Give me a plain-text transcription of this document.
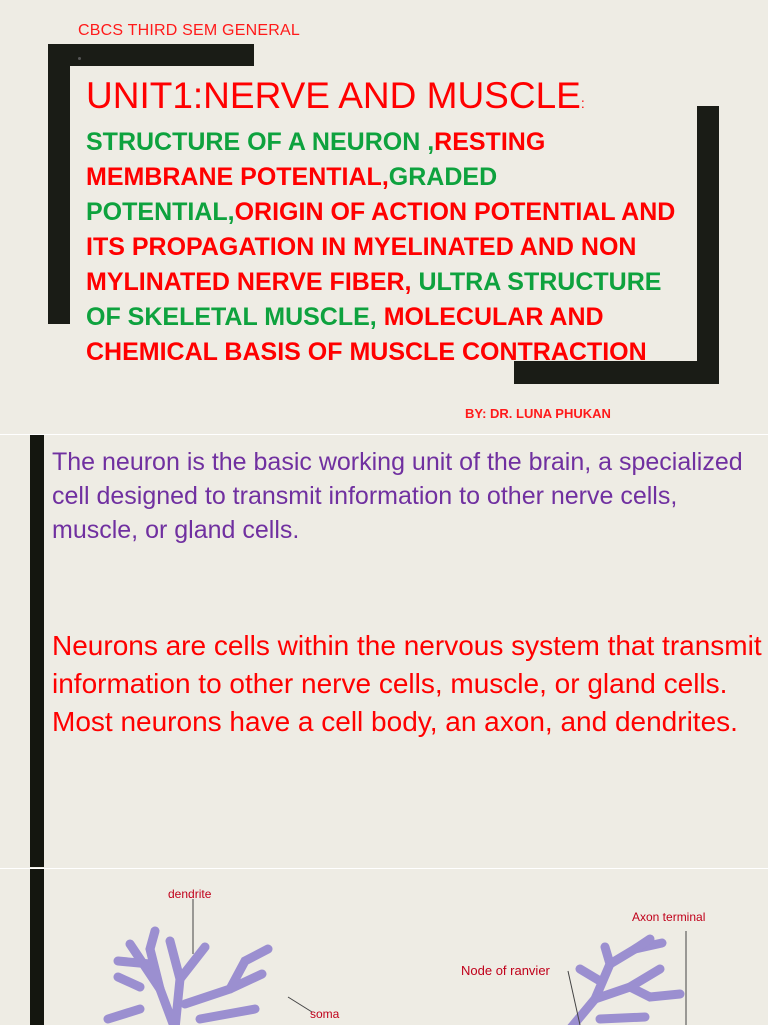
CBCS THIRD SEM GENERAL
UNIT1:NERVE AND MUSCLE:
STRUCTURE OF A NEURON ,RESTING MEMBRANE POTENTIAL,GRADED POTENTIAL,ORIGIN OF ACTION POTENTIAL AND ITS PROPAGATION IN MYELINATED AND NON MYLINATED NERVE FIBER, ULTRA STRUCTURE OF SKELETAL MUSCLE, MOLECULAR AND CHEMICAL BASIS OF MUSCLE CONTRACTION
BY: DR. LUNA PHUKAN

The neuron is the basic working unit of the brain, a specialized cell designed to transmit information to other nerve cells, muscle, or gland cells.

Neurons are cells within the nervous system that transmit information to other nerve cells, muscle, or gland cells. Most neurons have a cell body, an axon, and dendrites.

dendrite
soma
Node of ranvier
Axon terminal
